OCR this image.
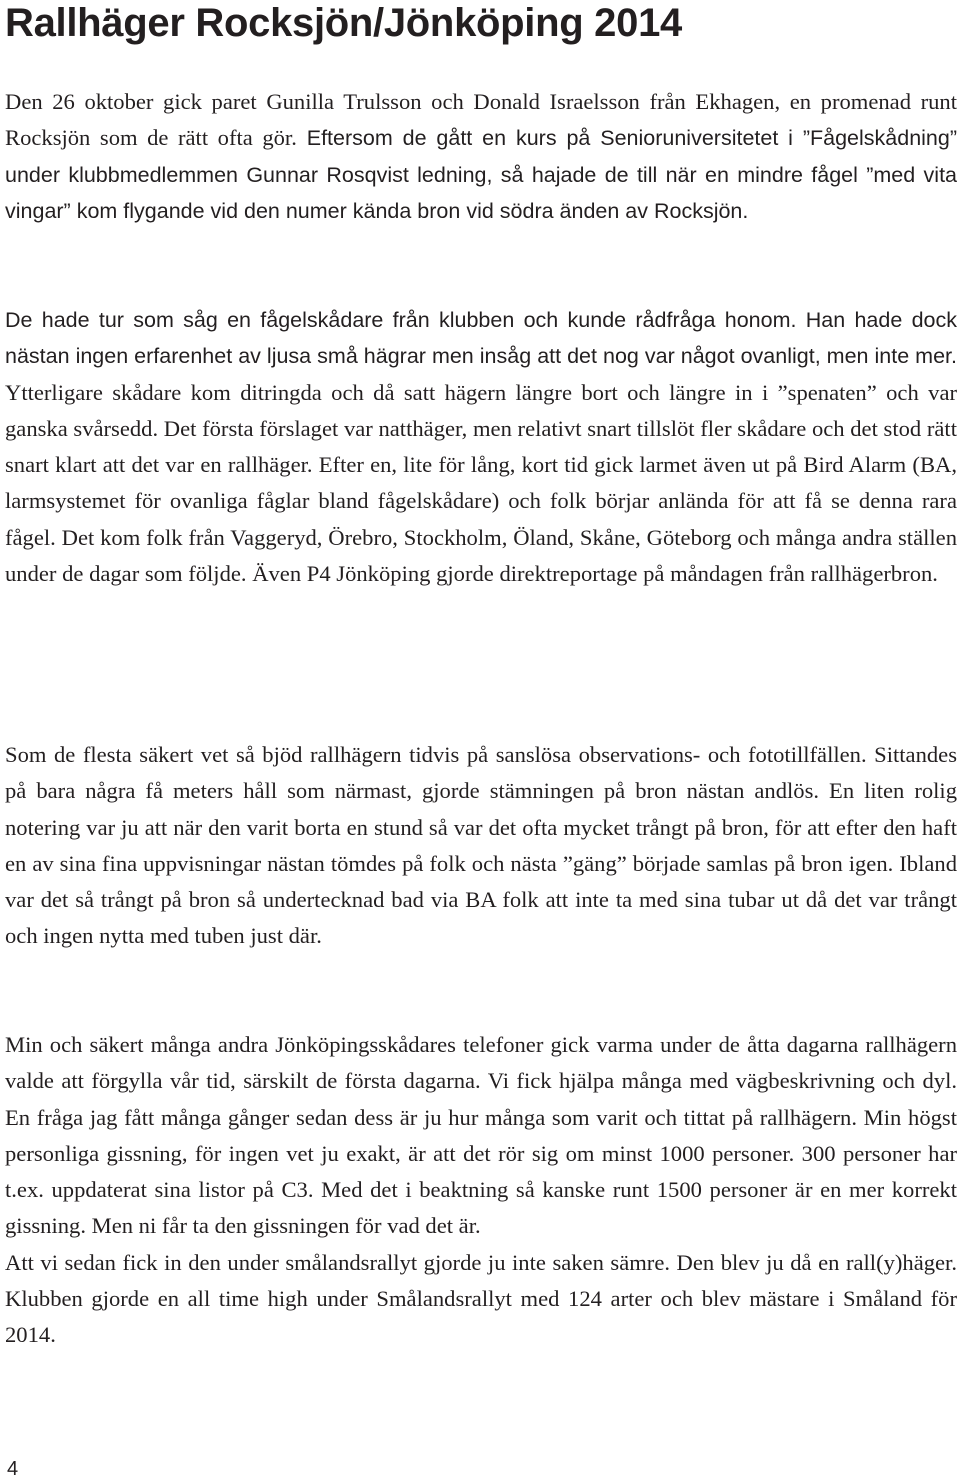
Rallhäger Rocksjön/Jönköping 2014

Den 26 oktober gick paret Gunilla Trulsson och Donald Israelsson från Ekhagen, en promenad runt Rocksjön som de rätt ofta gör. Eftersom de gått en kurs på Senioruniversitetet i ”Fågelskådning” under klubbmedlemmen Gunnar Rosqvist ledning, så hajade de till när en mindre fågel ”med vita vingar” kom flygande vid den numer kända bron vid södra änden av Rocksjön.

De hade tur som såg en fågelskådare från klubben och kunde rådfråga honom. Han hade dock nästan ingen erfarenhet av ljusa små hägrar men insåg att det nog var något ovanligt, men inte mer. Ytterligare skådare kom ditringda och då satt hägern längre bort och längre in i ”spenaten” och var ganska svårsedd. Det första förslaget var natthäger, men relativt snart tillslöt fler skådare och det stod rätt snart klart att det var en rallhäger. Efter en, lite för lång, kort tid gick larmet även ut på Bird Alarm (BA, larmsystemet för ovanliga fåglar bland fågelskådare) och folk börjar anlända för att få se denna rara fågel. Det kom folk från Vaggeryd, Örebro, Stockholm, Öland, Skåne, Göteborg och många andra ställen under de dagar som följde. Även P4 Jönköping gjorde direktreportage på måndagen från rallhägerbron.

Som de flesta säkert vet så bjöd rallhägern tidvis på sanslösa observations- och fototillfällen. Sittandes på bara några få meters håll som närmast, gjorde stämningen på bron nästan andlös. En liten rolig notering var ju att när den varit borta en stund så var det ofta mycket trångt på bron, för att efter den haft en av sina fina uppvisningar nästan tömdes på folk och nästa ”gäng” började samlas på bron igen. Ibland var det så trångt på bron så undertecknad bad via BA folk att inte ta med sina tubar ut då det var trångt och ingen nytta med tuben just där.

Min och säkert många andra Jönköpingsskådares telefoner gick varma under de åtta dagarna rallhägern valde att förgylla vår tid, särskilt de första dagarna. Vi fick hjälpa många med vägbeskrivning och dyl. En fråga jag fått många gånger sedan dess är ju hur många som varit och tittat på rallhägern. Min högst personliga gissning, för ingen vet ju exakt, är att det rör sig om minst 1000 personer. 300 personer har t.ex. uppdaterat sina listor på C3. Med det i beaktning så kanske runt 1500 personer är en mer korrekt gissning. Men ni får ta den gissningen för vad det är.

Att vi sedan fick in den under smålandsrallyt gjorde ju inte saken sämre. Den blev ju då en rall(y)häger. Klubben gjorde en all time high under Smålandsrallyt med 124 arter och blev mästare i Småland för 2014.

4
